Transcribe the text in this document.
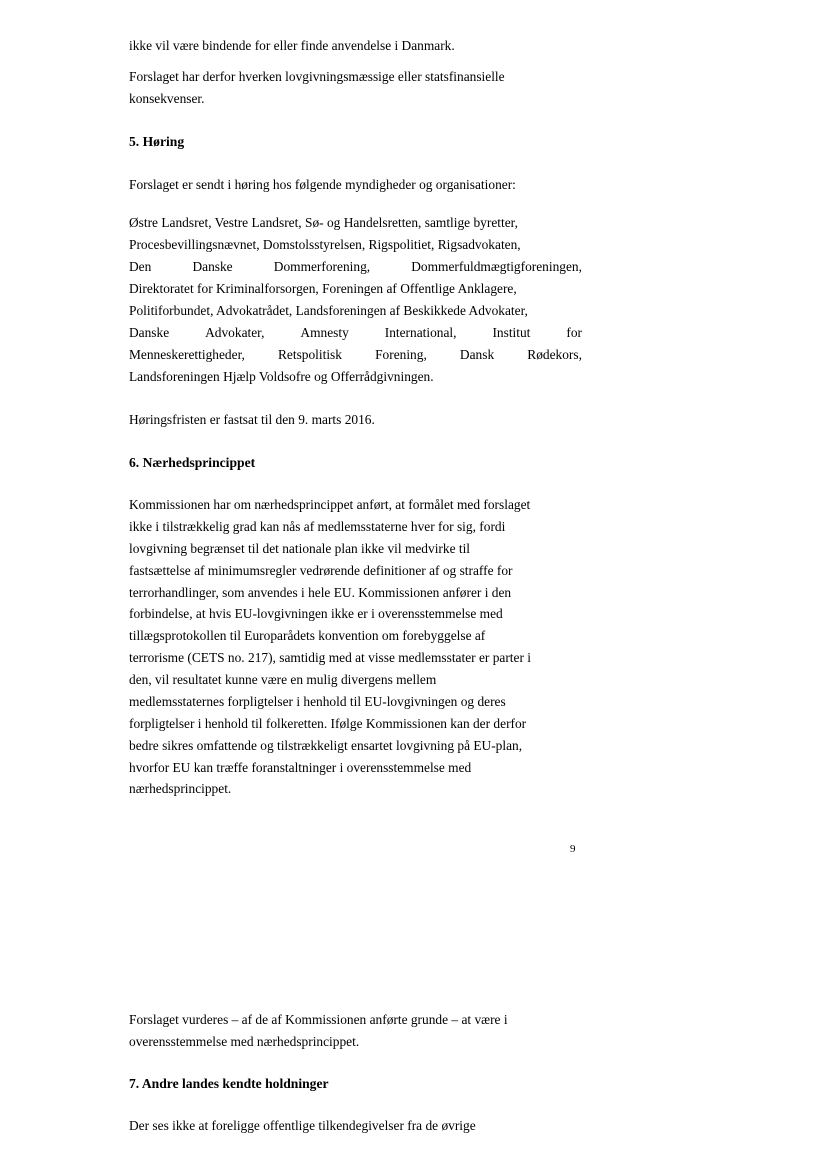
ikke vil være bindende for eller finde anvendelse i Danmark.
Forslaget har derfor hverken lovgivningsmæssige eller statsfinansielle
konsekvenser.
5. Høring
Forslaget er sendt i høring hos følgende myndigheder og organisationer:
Østre Landsret, Vestre Landsret, Sø- og Handelsretten, samtlige byretter,
Procesbevillingsnævnet, Domstolsstyrelsen, Rigspolitiet, Rigsadvokaten,
Den	Danske	Dommerforening,	Dommerfuldmægtigforeningen,
Direktoratet for Kriminalforsorgen, Foreningen af Offentlige Anklagere,
Politiforbundet, Advokatrådet, Landsforeningen af Beskikkede Advokater,
Danske	Advokater,	Amnesty	International,	Institut	for
Menneskerettigheder, Retspolitisk Forening, Dansk Rødekors,
Landsforeningen Hjælp Voldsofre og Offerrådgivningen.
Høringsfristen er fastsat til den 9. marts 2016.
6. Nærhedsprincippet
Kommissionen har om nærhedsprincippet anført, at formålet med forslaget
ikke i tilstrækkelig grad kan nås af medlemsstaterne hver for sig, fordi
lovgivning begrænset til det nationale plan ikke vil medvirke til
fastsættelse af minimumsregler vedrørende definitioner af og straffe for
terrorhandlinger, som anvendes i hele EU. Kommissionen anfører i den
forbindelse, at hvis EU-lovgivningen ikke er i overensstemmelse med
tillægsprotokollen til Europarådets konvention om forebyggelse af
terrorisme (CETS no. 217), samtidig med at visse medlemsstater er parter i
den, vil resultatet kunne være en mulig divergens mellem
medlemsstaternes forpligtelser i henhold til EU-lovgivningen og deres
forpligtelser i henhold til folkeretten. Ifølge Kommissionen kan der derfor
bedre sikres omfattende og tilstrækkeligt ensartet lovgivning på EU-plan,
hvorfor EU kan træffe foranstaltninger i overensstemmelse med
nærhedsprincippet.
9
Forslaget vurderes – af de af Kommissionen anførte grunde – at være i
overensstemmelse med nærhedsprincippet.
7. Andre landes kendte holdninger
Der ses ikke at foreligge offentlige tilkendegivelser fra de øvrige
